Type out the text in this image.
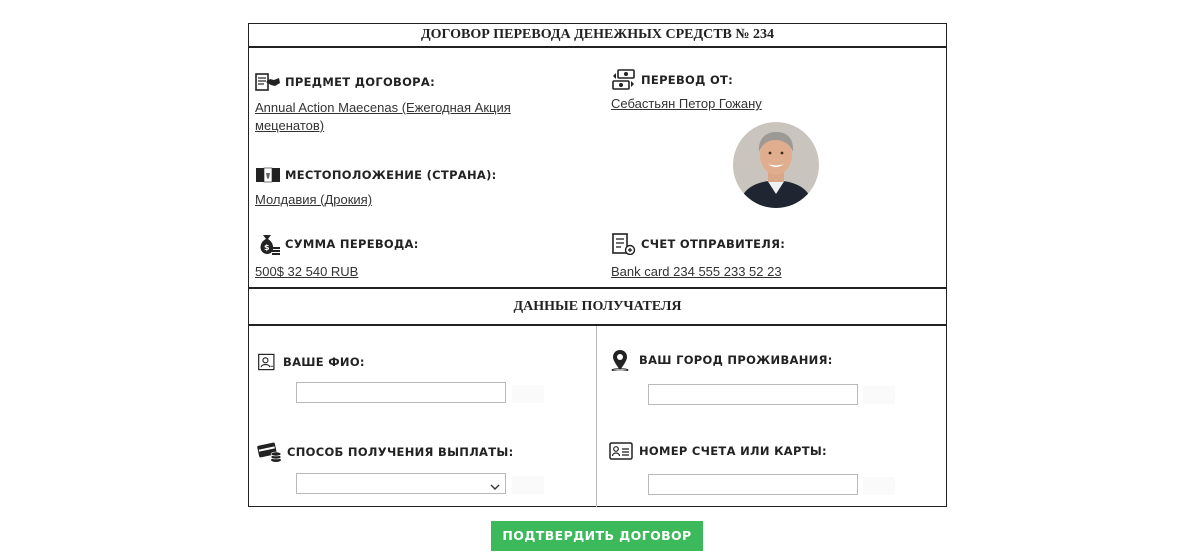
ДОГОВОР ПЕРЕВОДА ДЕНЕЖНЫХ СРЕДСТВ № 234
ПРЕДМЕТ ДОГОВОРА:
Annual Action Maecenas (Ежегодная Акция меценатов)
ПЕРЕВОД ОТ:
Себастьян Петор Гожану
МЕСТОПОЛОЖЕНИЕ (СТРАНА):
Молдавия (Дрокия)
$ СУММА ПЕРЕВОДА:
500$ 32 540 RUB
СЧЕТ ОТПРАВИТЕЛЯ:
Bank card 234 555 233 52 23
ДАННЫЕ ПОЛУЧАТЕЛЯ
ВАШЕ ФИО:	ВАШ ГОРОД ПРОЖИВАНИЯ:
СПОСОБ ПОЛУЧЕНИЯ ВЫПЛАТЫ:	НОМЕР СЧЕТА ИЛИ КАРТЫ:
ПОДТВЕРДИТЬ ДОГОВОР
